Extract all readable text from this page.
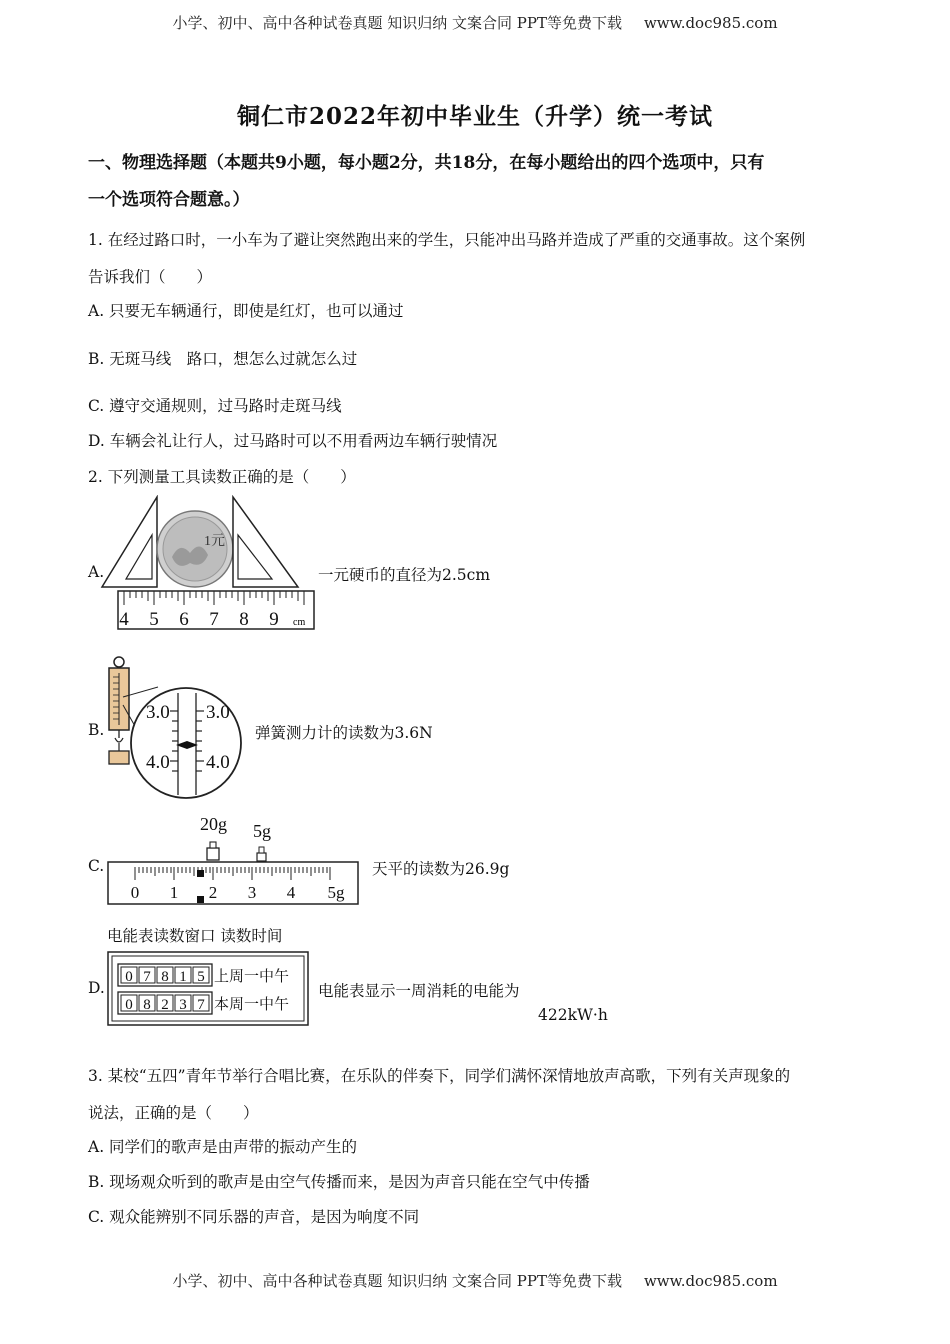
小学、初中、高中各种试卷真题 知识归纳 文案合同 PPT等免费下载 www.doc985.com
铜仁市2022年初中毕业生（升学）统一考试
一、物理选择题（本题共9小题，每小题2分，共18分，在每小题给出的四个选项中，只有
一个选项符合题意。）
1. 在经过路口时，一小车为了避让突然跑出来的学生，只能冲出马路并造成了严重的交通事故。这个案例
告诉我们（　　）
A. 只要无车辆通行，即使是红灯，也可以通过
B. 无斑马线　路口，想怎么过就怎么过
C. 遵守交通规则，过马路时走斑马线
D. 车辆会礼让行人，过马路时可以不用看两边车辆行驶情况
2. 下列测量工具读数正确的是（　　）
A.
4 5 6 7 8 9 cm
1元
一元硬币的直径为2.5cm
B.
3.0 3.0
4.0 4.0
弹簧测力计的读数为3.6N
C.
20g 5g
0 1 2 3 4 5g
天平的读数为26.9g
电能表读数窗口 读数时间
D.
0 7 8 1 5 上周一中午
0 8 2 3 7 本周一中午
电能表显示一周消耗的电能为
422kW·h
3. 某校“五四”青年节举行合唱比赛，在乐队的伴奏下，同学们满怀深情地放声高歌，下列有关声现象的
说法，正确的是（　　）
A. 同学们的歌声是由声带的振动产生的
B. 现场观众听到的歌声是由空气传播而来，是因为声音只能在空气中传播
C. 观众能辨别不同乐器的声音，是因为响度不同
小学、初中、高中各种试卷真题 知识归纳 文案合同 PPT等免费下载 www.doc985.com
